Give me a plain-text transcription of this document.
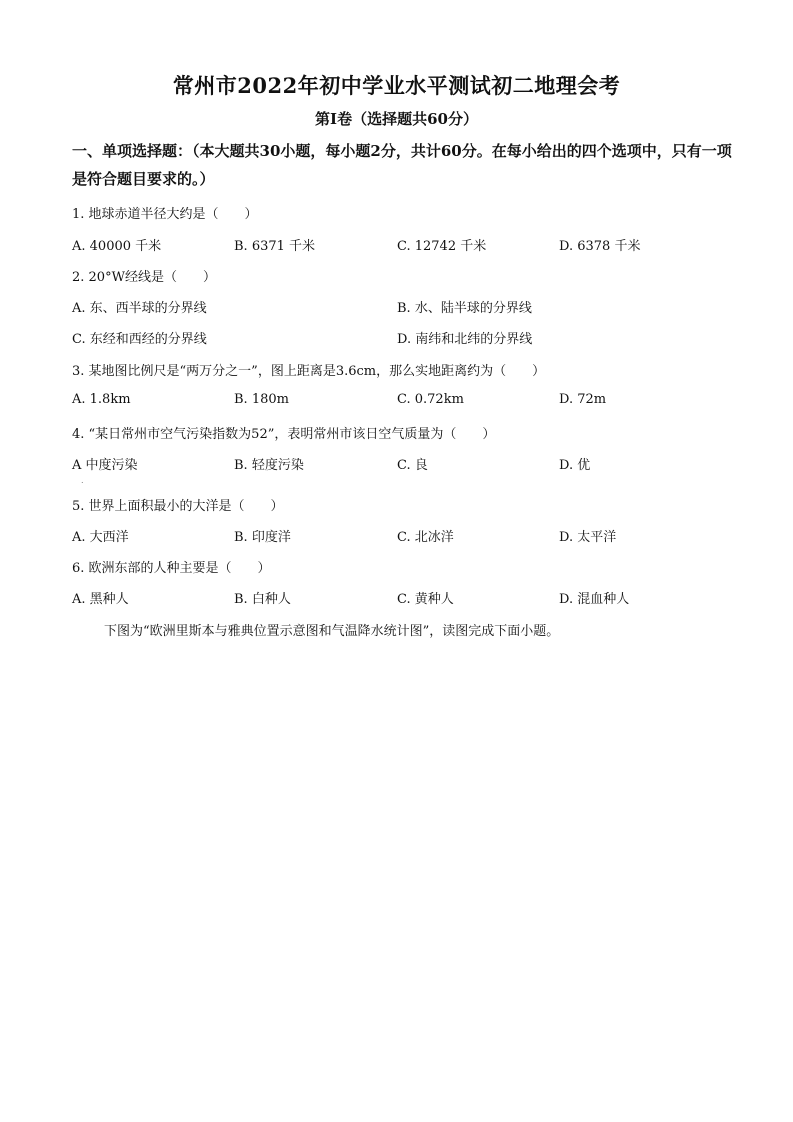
常州市2022年初中学业水平测试初二地理会考
第Ⅰ卷（选择题共60分）
一、单项选择题：（本大题共30小题，每小题2分，共计60分。在每小给出的四个选项中，只有一项是符合题目要求的。）
1. 地球赤道半径大约是（　　）
A. 40000 千米	B. 6371 千米	C. 12742 千米	D. 6378 千米
2. 20°W经线是（　　）
A. 东、西半球的分界线	B. 水、陆半球的分界线
C. 东经和西经的分界线	D. 南纬和北纬的分界线
3. 某地图比例尺是“两万分之一”，图上距离是3.6cm，那么实地距离约为（　　）
A. 1.8km	B. 180m	C. 0.72km	D. 72m
4. “某日常州市空气污染指数为52”，表明常州市该日空气质量为（　　）
A 中度污染	B. 轻度污染	C. 良	D. 优
.
5. 世界上面积最小的大洋是（　　）
A. 大西洋	B. 印度洋	C. 北冰洋	D. 太平洋
6. 欧洲东部的人种主要是（　　）
A. 黑种人	B. 白种人	C. 黄种人	D. 混血种人
下图为“欧洲里斯本与雅典位置示意图和气温降水统计图”，读图完成下面小题。
